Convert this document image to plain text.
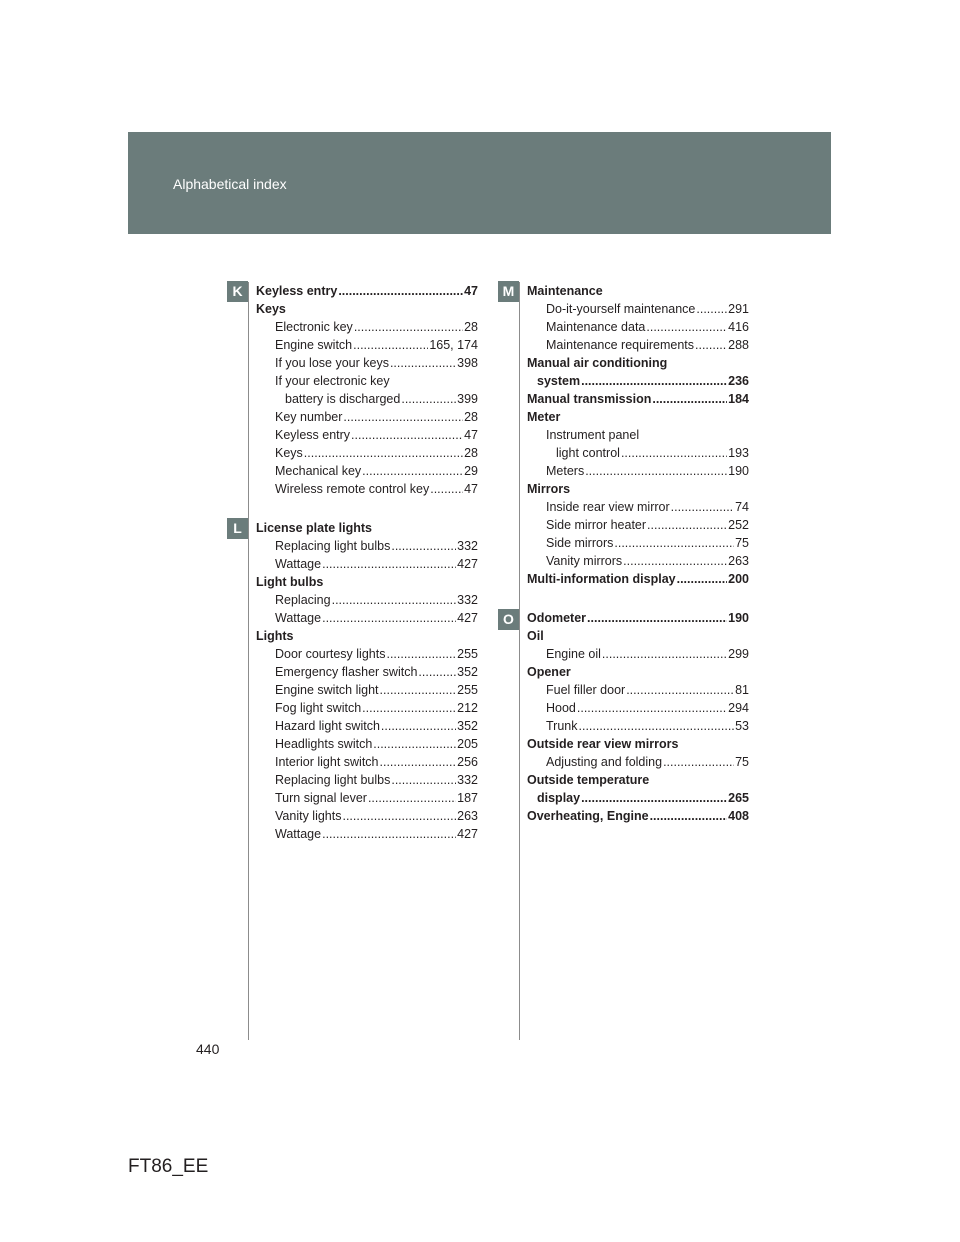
Alphabetical index
K
L
M
O
Keyless entry .....	47
Keys
Electronic key .....	28
Engine switch .....	165, 174
If you lose your keys .....	398
If your electronic key
battery is discharged .....	399
Key number .....	28
Keyless entry .....	47
Keys .....	28
Mechanical key .....	29
Wireless remote control key .....	47
License plate lights
Replacing light bulbs .....	332
Wattage .....	427
Light bulbs
Replacing .....	332
Wattage .....	427
Lights
Door courtesy lights .....	255
Emergency flasher switch .....	352
Engine switch light .....	255
Fog light switch .....	212
Hazard light switch .....	352
Headlights switch .....	205
Interior light switch .....	256
Replacing light bulbs .....	332
Turn signal lever .....	187
Vanity lights .....	263
Wattage .....	427
Maintenance
Do-it-yourself maintenance .....	291
Maintenance data .....	416
Maintenance requirements .....	288
Manual air conditioning
system .....	236
Manual transmission .....	184
Meter
Instrument panel
light control .....	193
Meters .....	190
Mirrors
Inside rear view mirror .....	74
Side mirror heater .....	252
Side mirrors .....	75
Vanity mirrors .....	263
Multi-information display .....	200
Odometer .....	190
Oil
Engine oil .....	299
Opener
Fuel filler door .....	81
Hood .....	294
Trunk .....	53
Outside rear view mirrors
Adjusting and folding .....	75
Outside temperature
display .....	265
Overheating, Engine .....	408
440
FT86_EE
